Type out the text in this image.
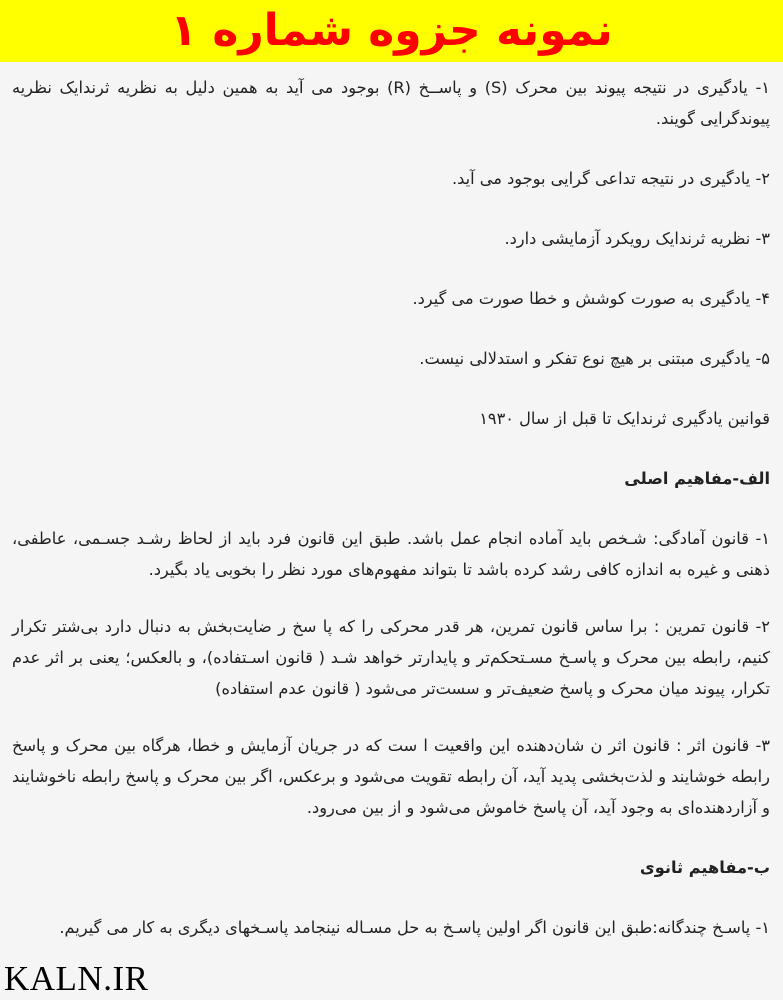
نمونه جزوه شماره ۱

۱- یادگیری در نتیجه پیوند بین محرک (S) و پاســخ (R) بوجود می آید به همین دلیل به نظریه ثرندایک نظریه پیوندگرایی گویند.

۲- یادگیری در نتیجه تداعی گرایی بوجود می آید.

۳- نظریه ثرندایک رویکرد آزمایشی دارد.

۴- یادگیری به صورت کوشش و خطا صورت می گیرد.

۵- یادگیری مبتنی بر هیچ نوع تفکر و استدلالی نیست.

قوانین یادگیری ثرندایک تا قبل از سال ۱۹۳۰

الف-مفاهیم اصلی

۱- قانون آمادگی: شـخص باید آماده انجام عمل باشد. طبق این قانون فرد باید از لحاظ رشـد جسـمی، عاطفی، ذهنی و غیره به اندازه کافی رشد کرده باشد تا بتواند مفهوم‌های مورد نظر را بخوبی یاد بگیرد.

۲- قانون تمرین : برا ساس قانون تمرین، هر قدر محرکی را که پا سخ ر ضایت‌بخش به دنبال دارد بی‌شتر تکرار کنیم، رابطه بین محرک و پاسـخ مسـتحکم‌تر و پایدارتر خواهد شـد ( قانون اسـتفاده)، و بالعکس؛ یعنی بر اثر عدم تکرار، پیوند میان محرک و پاسخ ضعیف‌تر و سست‌تر می‌شود ( قانون عدم استفاده)

۳- قانون اثر : قانون اثر ن شان‌دهنده این واقعیت ا ست که در جریان آزمایش و خطا، هرگاه بین محرک و پاسخ رابطه خوشایند و لذت‌بخشی پدید آید، آن رابطه تقویت می‌شود و برعکس، اگر بین محرک و پاسخ رابطه ناخوشایند و آزاردهنده‌ای به وجود آید، آن پاسخ خاموش می‌شود و از بین می‌رود.

ب-مفاهیم ثانوی

۱- پاسـخ چندگانه:طبق این قانون اگر اولین پاسـخ به حل مسـاله نینجامد پاسـخهای دیگری به کار می گیریم.

KALN.IR
